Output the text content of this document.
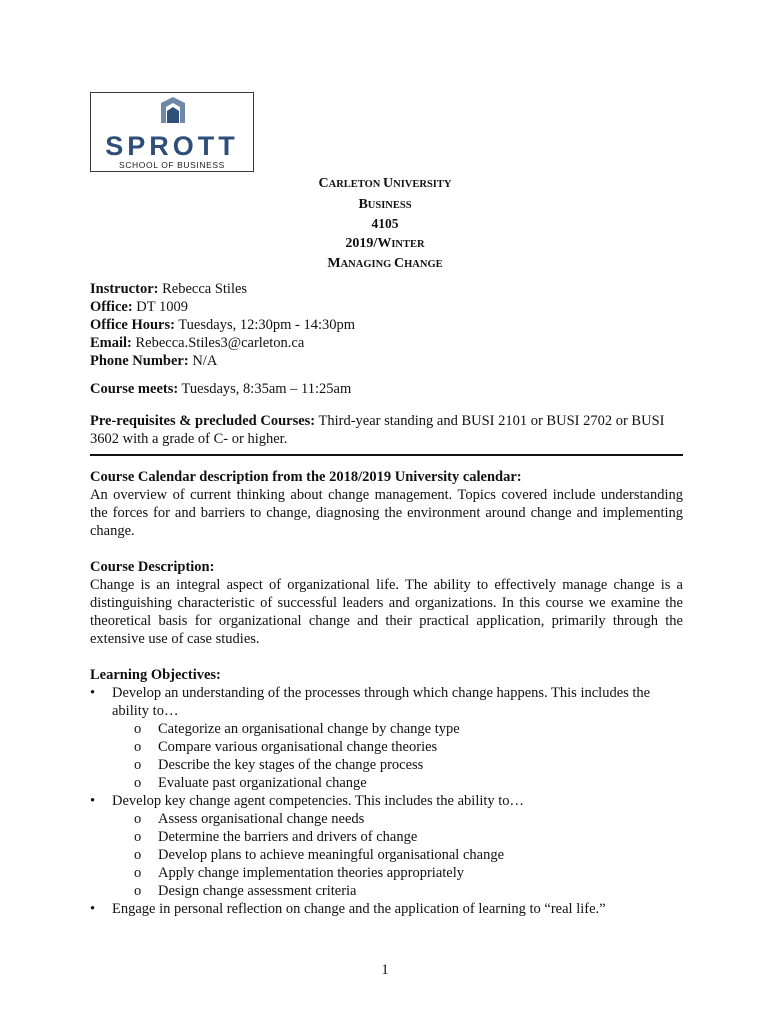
SPROTT
SCHOOL OF BUSINESS
CARLETON UNIVERSITY
BUSINESS
4105
2019/WINTER
MANAGING CHANGE
Instructor: Rebecca Stiles
Office: DT 1009
Office Hours: Tuesdays, 12:30pm - 14:30pm
Email: Rebecca.Stiles3@carleton.ca
Phone Number: N/A
Course meets: Tuesdays, 8:35am – 11:25am
Pre-requisites & precluded Courses: Third-year standing and BUSI 2101 or BUSI 2702 or BUSI 3602 with a grade of C- or higher.
Course Calendar description from the 2018/2019 University calendar:
An overview of current thinking about change management. Topics covered include understanding the forces for and barriers to change, diagnosing the environment around change and implementing change.
Course Description:
Change is an integral aspect of organizational life. The ability to effectively manage change is a distinguishing characteristic of successful leaders and organizations. In this course we examine the theoretical basis for organizational change and their practical application, primarily through the extensive use of case studies.
Learning Objectives:
• Develop an understanding of the processes through which change happens. This includes the ability to…
o Categorize an organisational change by change type
o Compare various organisational change theories
o Describe the key stages of the change process
o Evaluate past organizational change
• Develop key change agent competencies. This includes the ability to…
o Assess organisational change needs
o Determine the barriers and drivers of change
o Develop plans to achieve meaningful organisational change
o Apply change implementation theories appropriately
o Design change assessment criteria
• Engage in personal reflection on change and the application of learning to “real life.”
1
